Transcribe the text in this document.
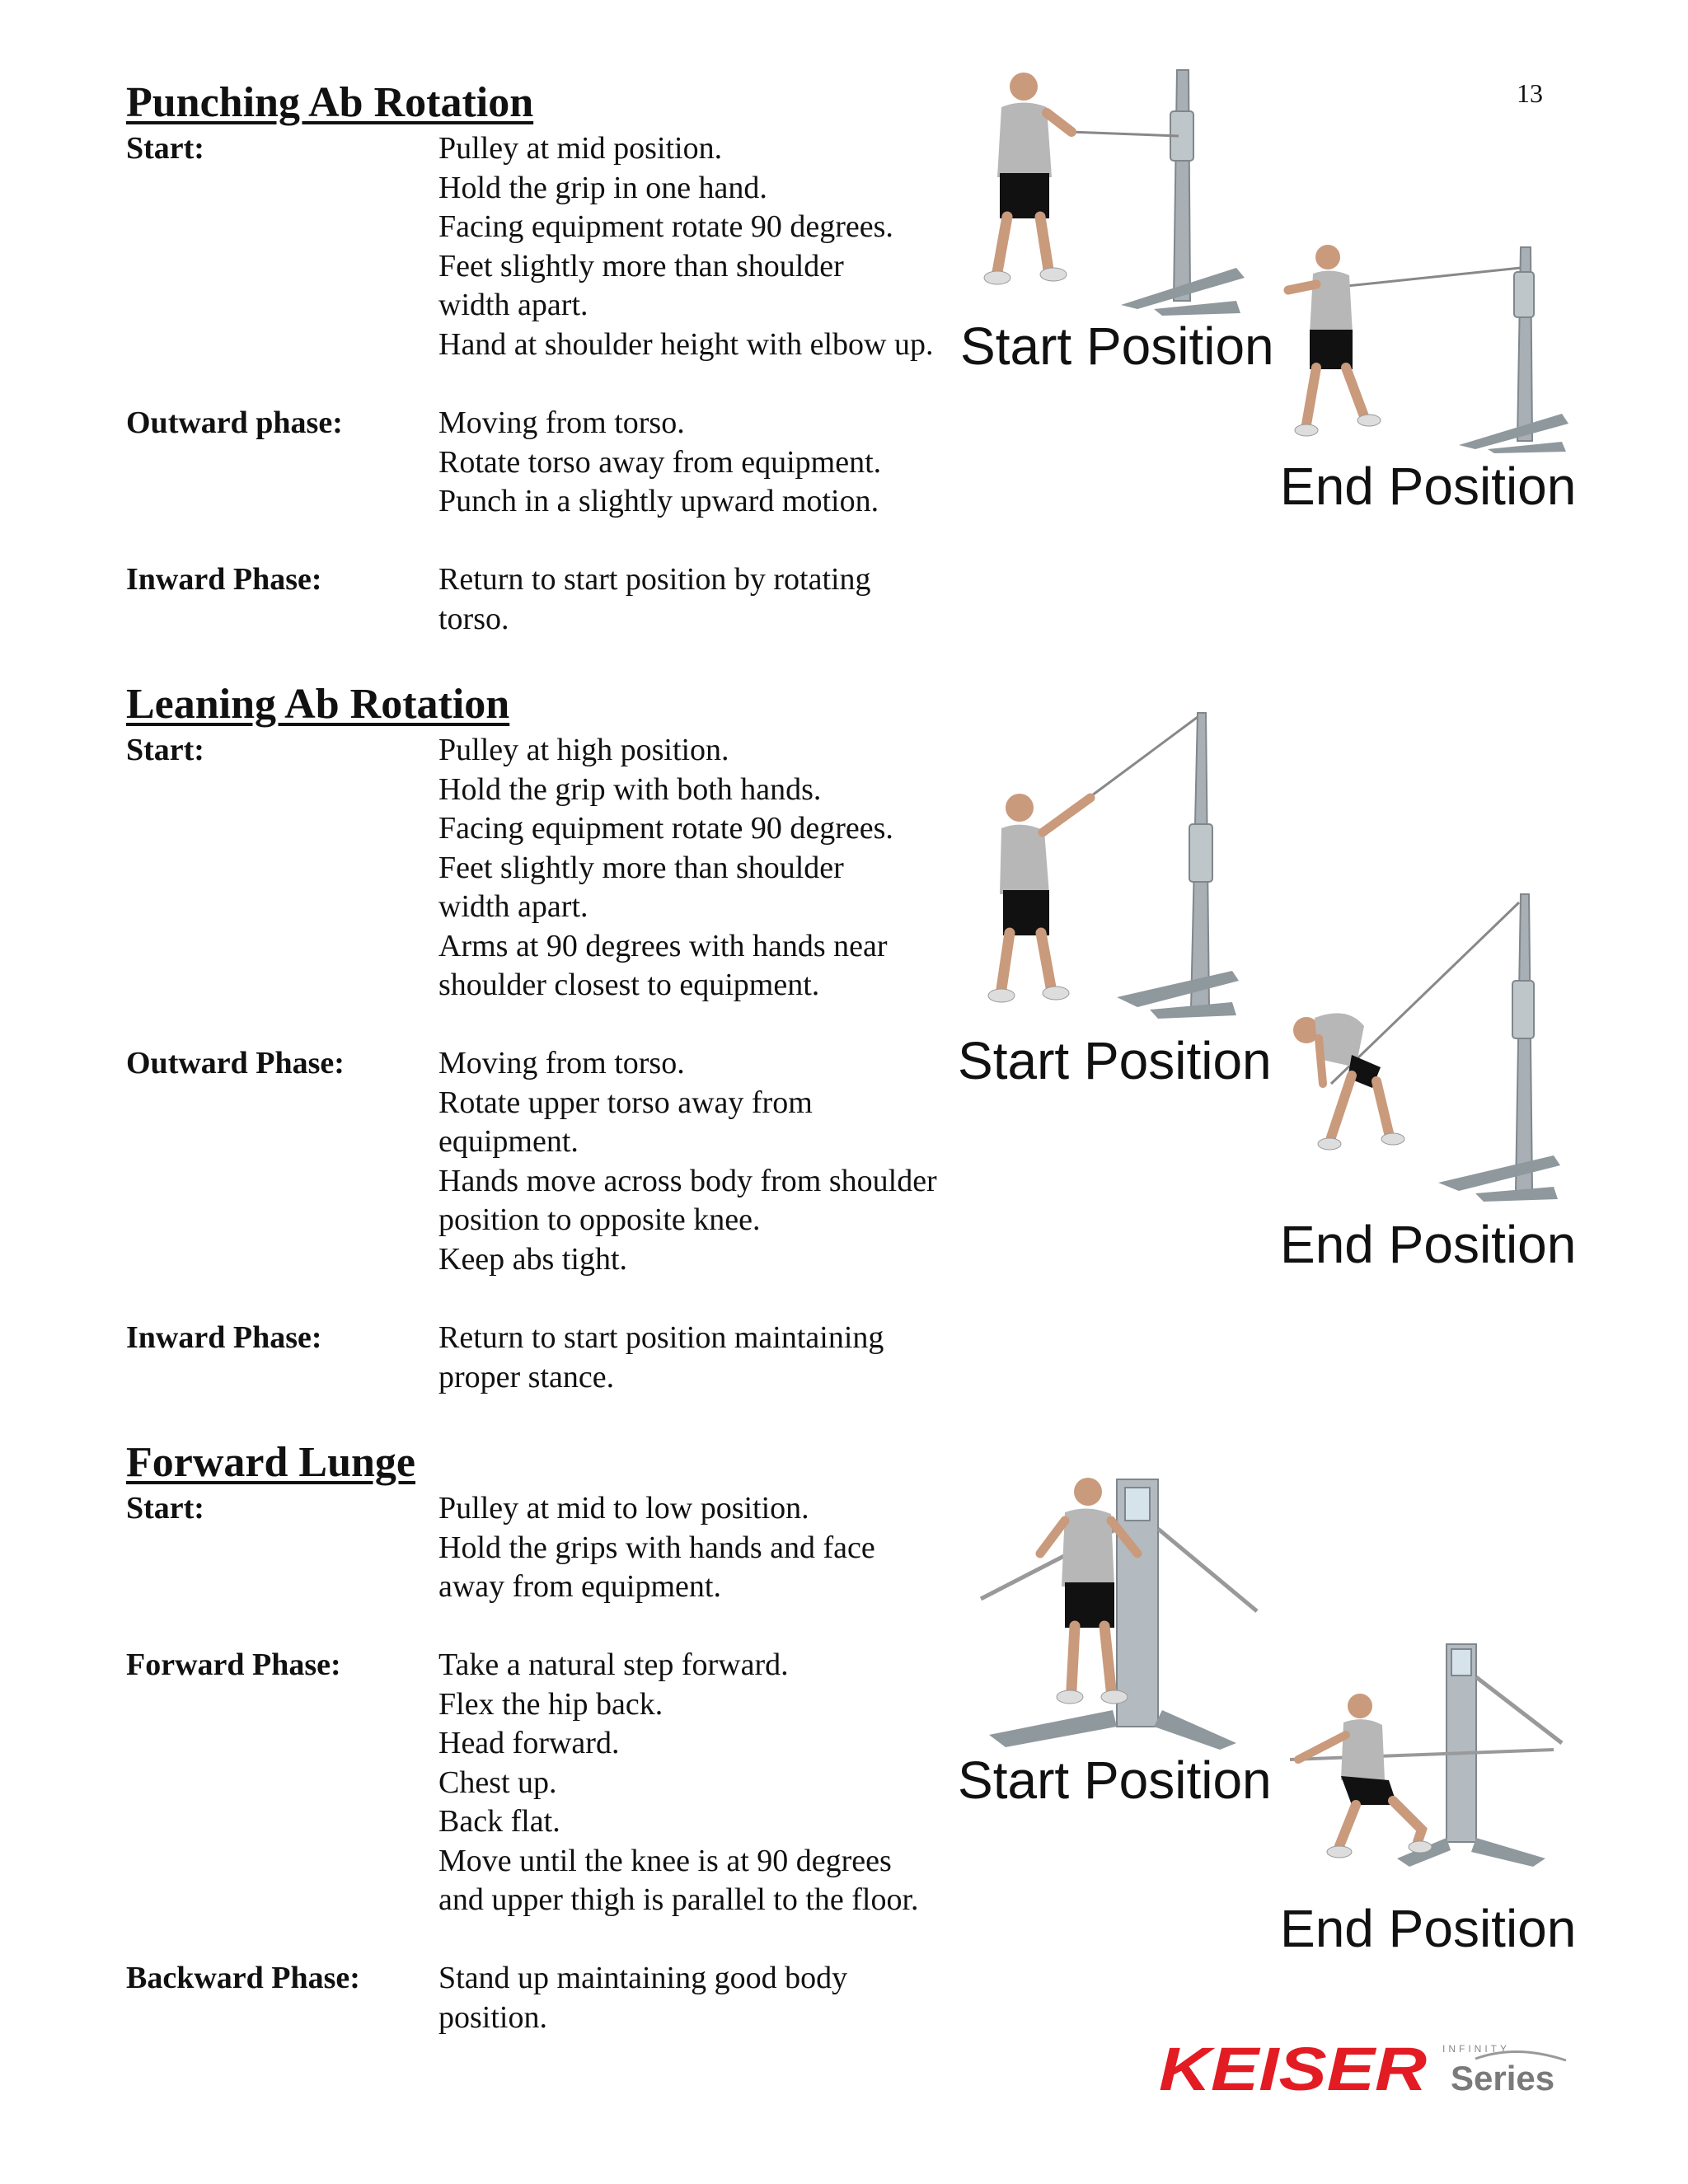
13
Punching Ab Rotation
Start:	Pulley at mid position.
Hold the grip in one hand.
Facing equipment rotate 90 degrees.
Feet slightly more than shoulder
width apart.
Hand at shoulder height with elbow up.
Outward phase:	Moving from torso.
Rotate torso away from equipment.
Punch in a slightly upward motion.
Inward Phase:	Return to start position by rotating
torso.
Start Position
End Position
Leaning Ab Rotation
Start:	Pulley at high position.
Hold the grip with both hands.
Facing equipment rotate 90 degrees.
Feet slightly more than shoulder
width apart.
Arms at 90 degrees with hands near
shoulder closest to equipment.
Outward Phase:	Moving from torso.
Rotate upper torso away from
equipment.
Hands move across body from shoulder
position to opposite knee.
Keep abs tight.
Inward Phase:	Return to start position maintaining
proper stance.
Start Position
End Position
Forward Lunge
Start:	Pulley at mid to low position.
Hold the grips with hands and face
away from equipment.
Forward Phase:	Take a natural step forward.
Flex the hip back.
Head forward.
Chest up.
Back flat.
Move until the knee is at 90 degrees
and upper thigh is parallel to the floor.
Backward Phase:	Stand up maintaining good body
position.
Start Position
End Position
KEISER INFINITY
Series
